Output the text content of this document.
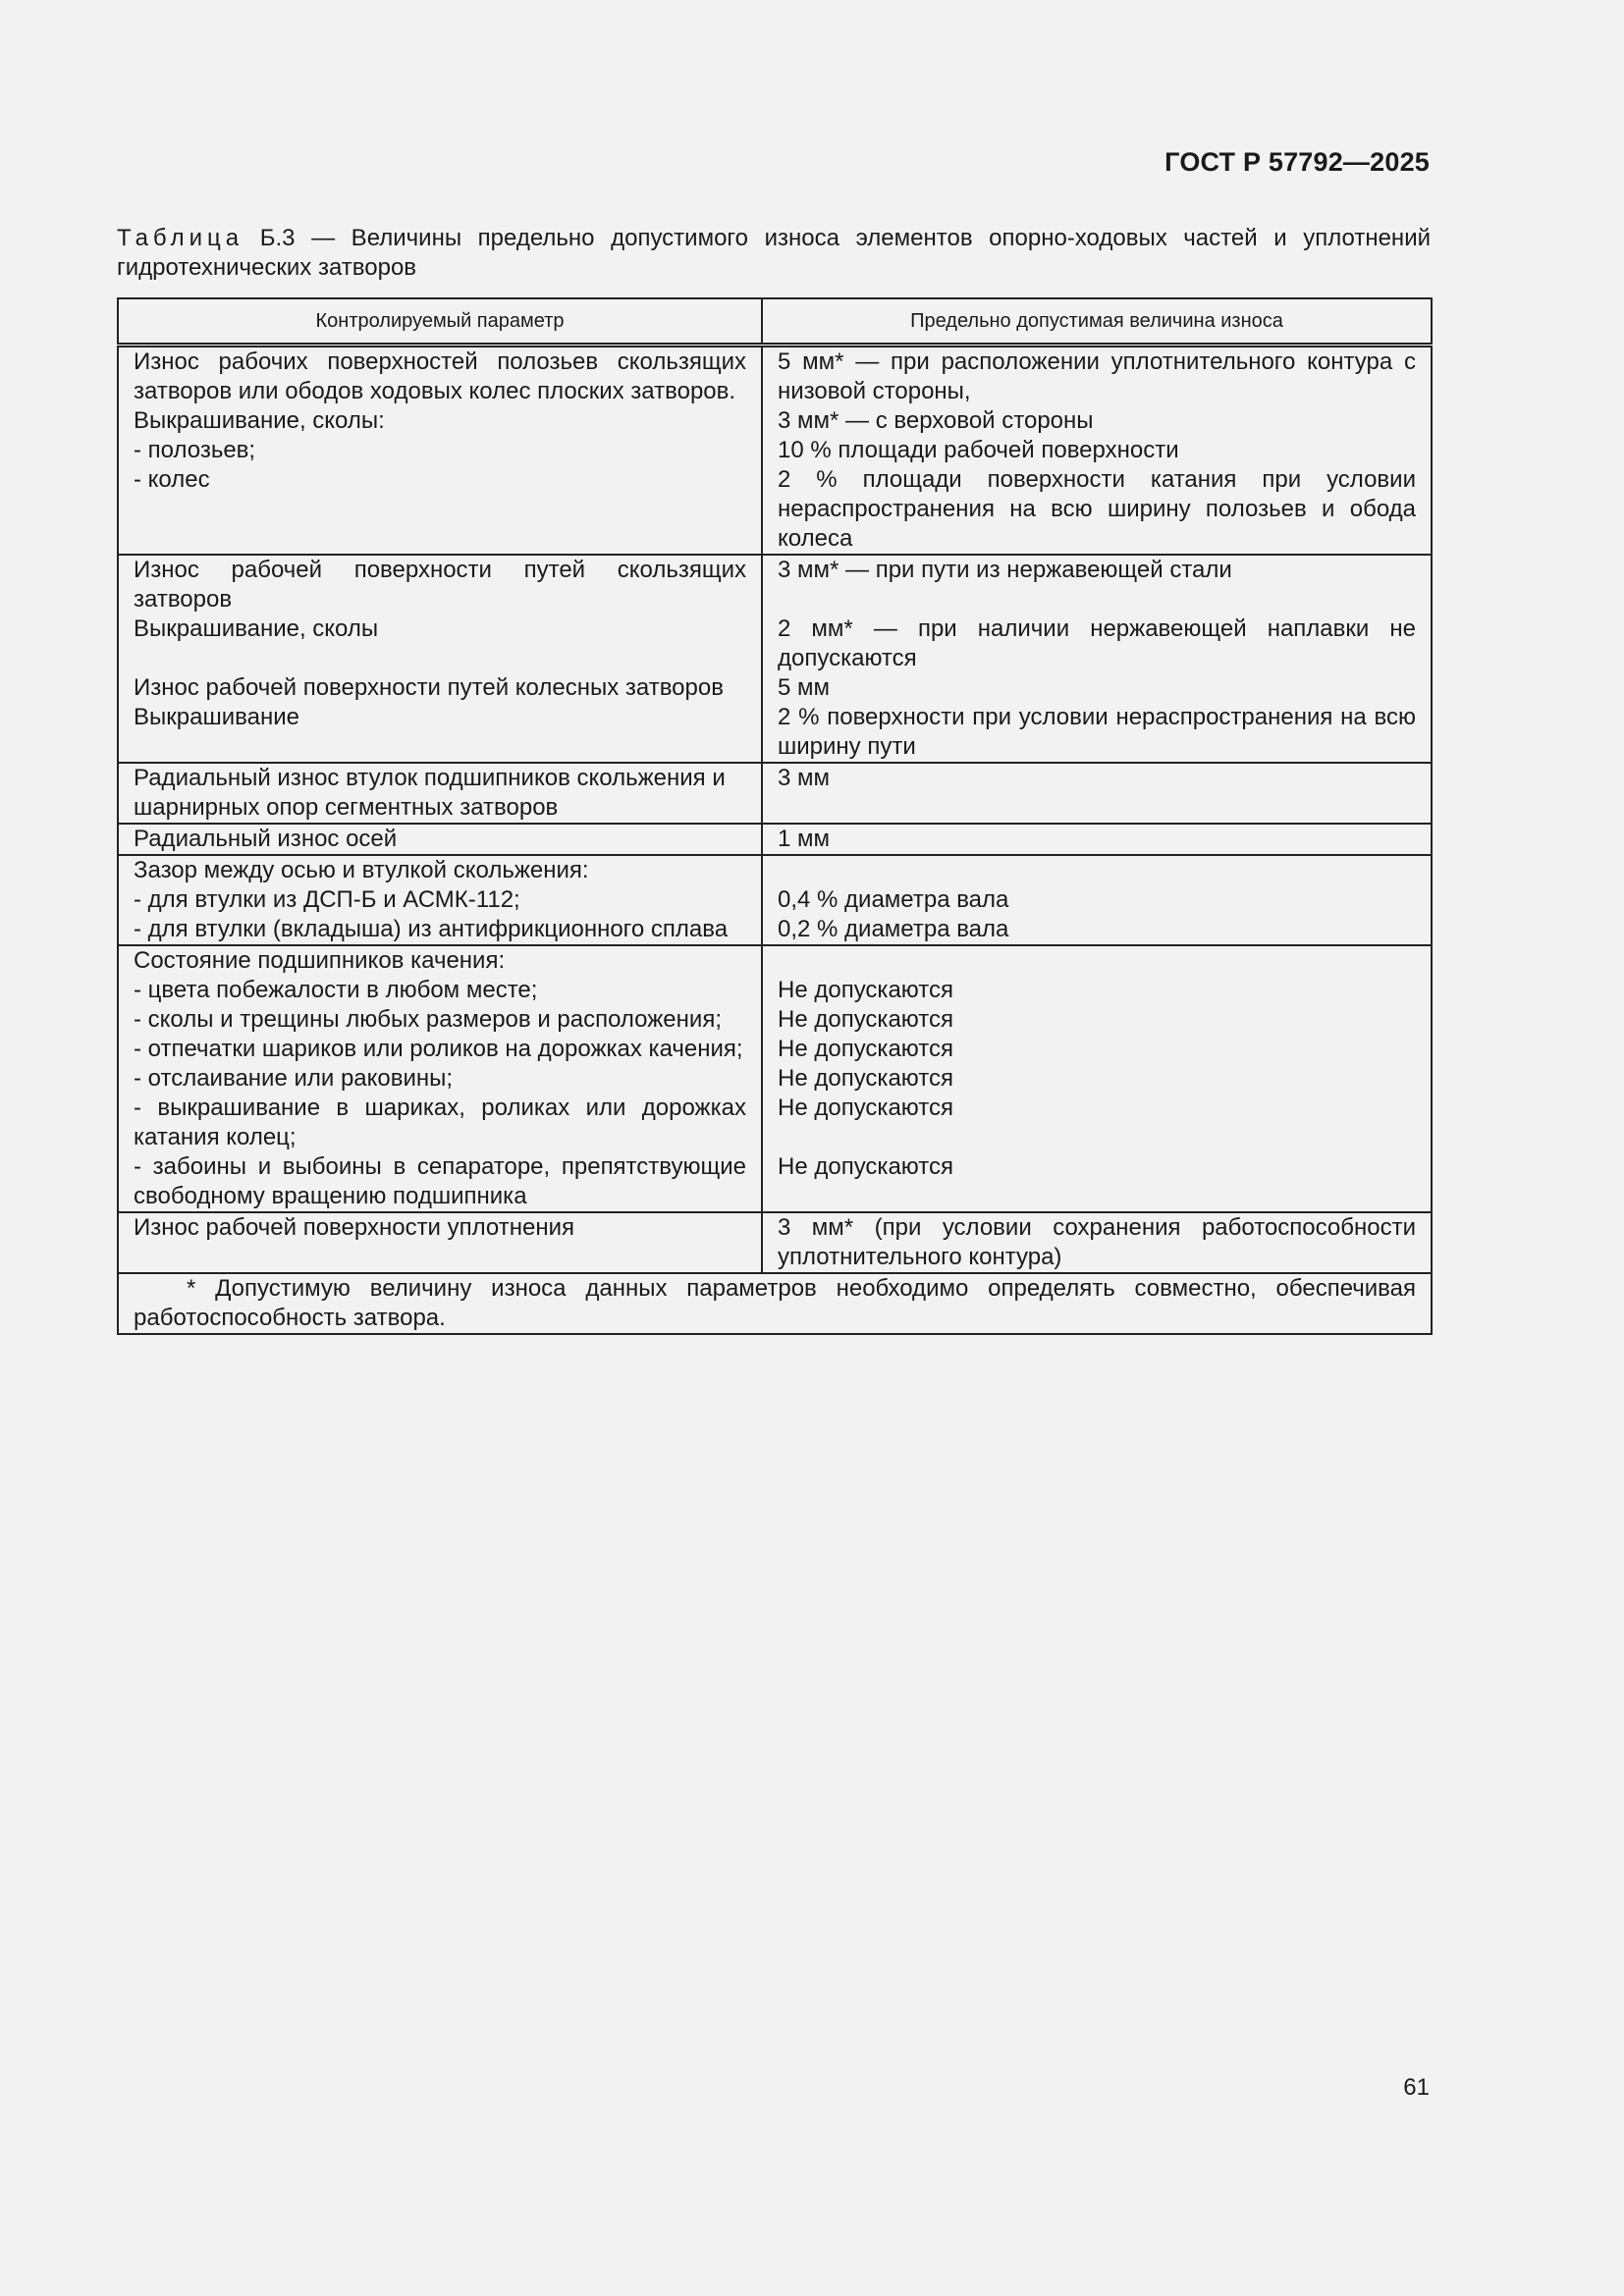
ГОСТ Р 57792—2025
Таблица Б.3 — Величины предельно допустимого износа элементов опорно-ходовых частей и уплотнений гидротехнических затворов
Контролируемый параметр	Предельно допустимая величина износа
Износ рабочих поверхностей полозьев скользящих затворов или ободов ходовых колес плоских затворов.	5 мм* — при расположении уплотнительного контура с низовой стороны,
Выкрашивание, сколы:	3 мм* — с верховой стороны
- полозьев;	10 % площади рабочей поверхности
- колес	2 % площади поверхности катания при условии нераспространения на всю ширину полозьев и обода колеса
Износ рабочей поверхности путей скользящих затворов	3 мм* — при пути из нержавеющей стали
Выкрашивание, сколы	2 мм* — при наличии нержавеющей наплавки не допускаются
Износ рабочей поверхности путей колесных затворов	5 мм
Выкрашивание	2 % поверхности при условии нераспространения на всю ширину пути
Радиальный износ втулок подшипников скольжения и шарнирных опор сегментных затворов	3 мм
Радиальный износ осей	1 мм
Зазор между осью и втулкой скольжения:	
- для втулки из ДСП-Б и АСМК-112;	0,4 % диаметра вала
- для втулки (вкладыша) из антифрикционного сплава	0,2 % диаметра вала
Состояние подшипников качения:	
- цвета побежалости в любом месте;	Не допускаются
- сколы и трещины любых размеров и расположения;	Не допускаются
- отпечатки шариков или роликов на дорожках качения;	Не допускаются
- отслаивание или раковины;	Не допускаются
- выкрашивание в шариках, роликах или дорожках катания колец;	Не допускаются
- забоины и выбоины в сепараторе, препятствующие свободному вращению подшипника	Не допускаются
Износ рабочей поверхности уплотнения	3 мм* (при условии сохранения работоспособности уплотнительного контура)
* Допустимую величину износа данных параметров необходимо определять совместно, обеспечивая работоспособность затвора.	
61
